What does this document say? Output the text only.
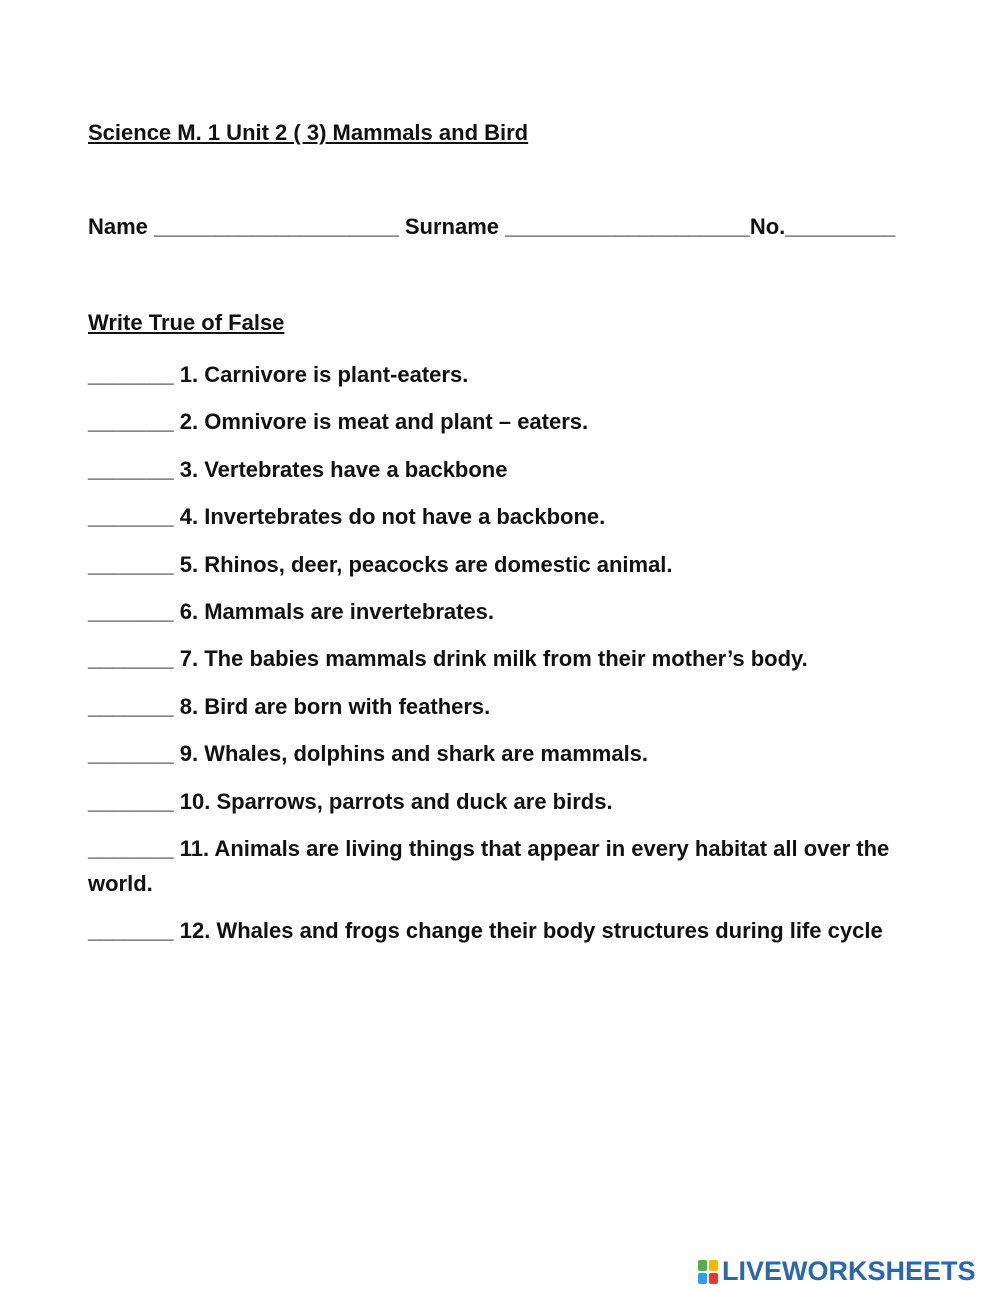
Science M. 1 Unit 2 ( 3) Mammals and Bird
Name ____________________ Surname ____________________No._________
Write True of False
_______ 1. Carnivore is plant-eaters.
_______ 2. Omnivore is meat and plant – eaters.
_______ 3. Vertebrates have a backbone
_______ 4. Invertebrates do not have a backbone.
_______ 5. Rhinos, deer, peacocks are domestic animal.
_______ 6. Mammals are invertebrates.
_______ 7. The babies mammals drink milk from their mother’s body.
_______ 8. Bird are born with feathers.
_______ 9. Whales, dolphins and shark are mammals.
_______ 10. Sparrows, parrots and duck are birds.
_______ 11. Animals are living things that appear in every habitat all over the world.
_______ 12. Whales and frogs change their body structures during life cycle
LIVEWORKSHEETS
